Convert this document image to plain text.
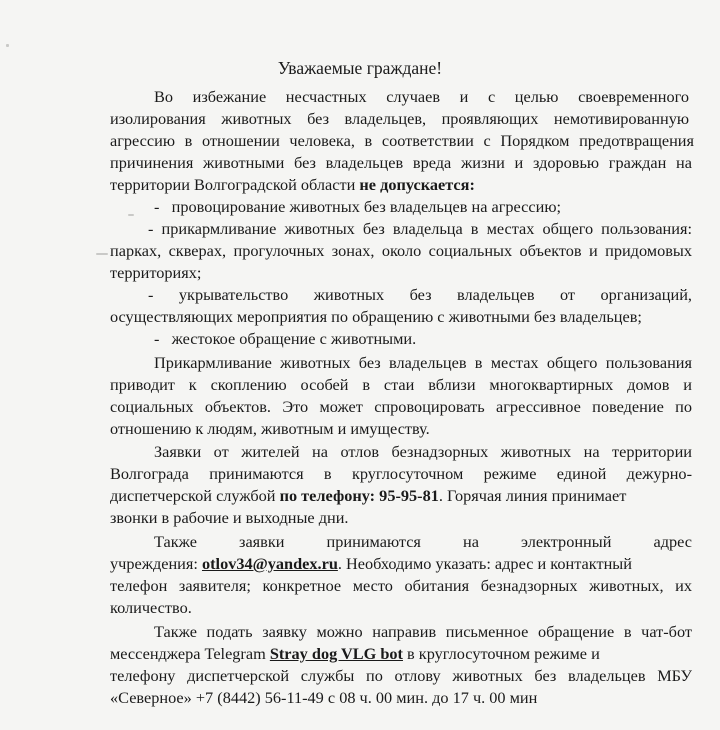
Уважаемые граждане!
Во избежание несчастных случаев и с целью своевременного
изолирования животных без владельцев, проявляющих немотивированную
агрессию в отношении человека, в соответствии с Порядком предотвращения
причинения животными без владельцев вреда жизни и здоровью граждан на
территории Волгоградской области не допускается:
-   провоцирование животных без владельцев на агрессию;
- прикармливание животных без владельца в местах общего пользования:
парках, скверах, прогулочных зонах, около социальных объектов и придомовых
территориях;
- укрывательство животных без владельцев от организаций,
осуществляющих мероприятия по обращению с животными без владельцев;
-   жестокое обращение с животными.
Прикармливание животных без владельцев в местах общего пользования
приводит к скоплению особей в стаи вблизи многоквартирных домов и
социальных объектов. Это может спровоцировать агрессивное поведение по
отношению к людям, животным и имуществу.
Заявки от жителей на отлов безнадзорных животных на территории
Волгограда принимаются в круглосуточном режиме единой дежурно-
диспетчерской службой по телефону: 95-95-81. Горячая линия принимает
звонки в рабочие и выходные дни.
Также заявки принимаются на электронный адрес
учреждения: otlov34@yandex.ru. Необходимо указать: адрес и контактный
телефон заявителя; конкретное место обитания безнадзорных животных, их
количество.
Также подать заявку можно направив письменное обращение в чат-бот
мессенджера Telegram Stray dog VLG bot в круглосуточном режиме и
телефону диспетчерской службы по отлову животных без владельцев МБУ
«Северное» +7 (8442) 56-11-49 с 08 ч. 00 мин. до 17 ч. 00 мин
